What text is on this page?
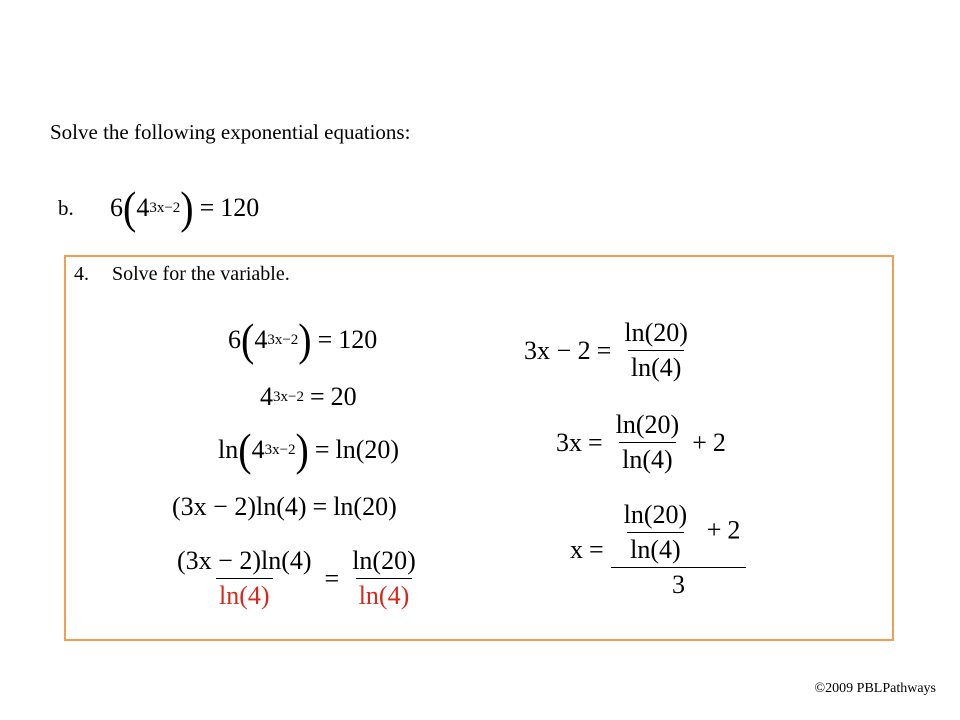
Solve the following exponential equations:
b. 6 ( 4 3x−2 ) = 120
4. Solve for the variable.
6 ( 4 3x−2 ) = 120
4 3x−2 = 20
ln ( 4 3x−2 ) = ln(20)
(3x − 2) ln(4) = ln(20)
$\frac{(3x - 2)\ln(4)}{\ln(4)} = \frac{\ln(20)}{\ln(4)}$
$3x - 2 = \frac{\ln(20)}{\ln(4)}$
$3x = \frac{\ln(20)}{\ln(4)} + 2$
$x = \frac{\frac{\ln(20)}{\ln(4)} + 2}{3}$
©2009 PBLPathways
